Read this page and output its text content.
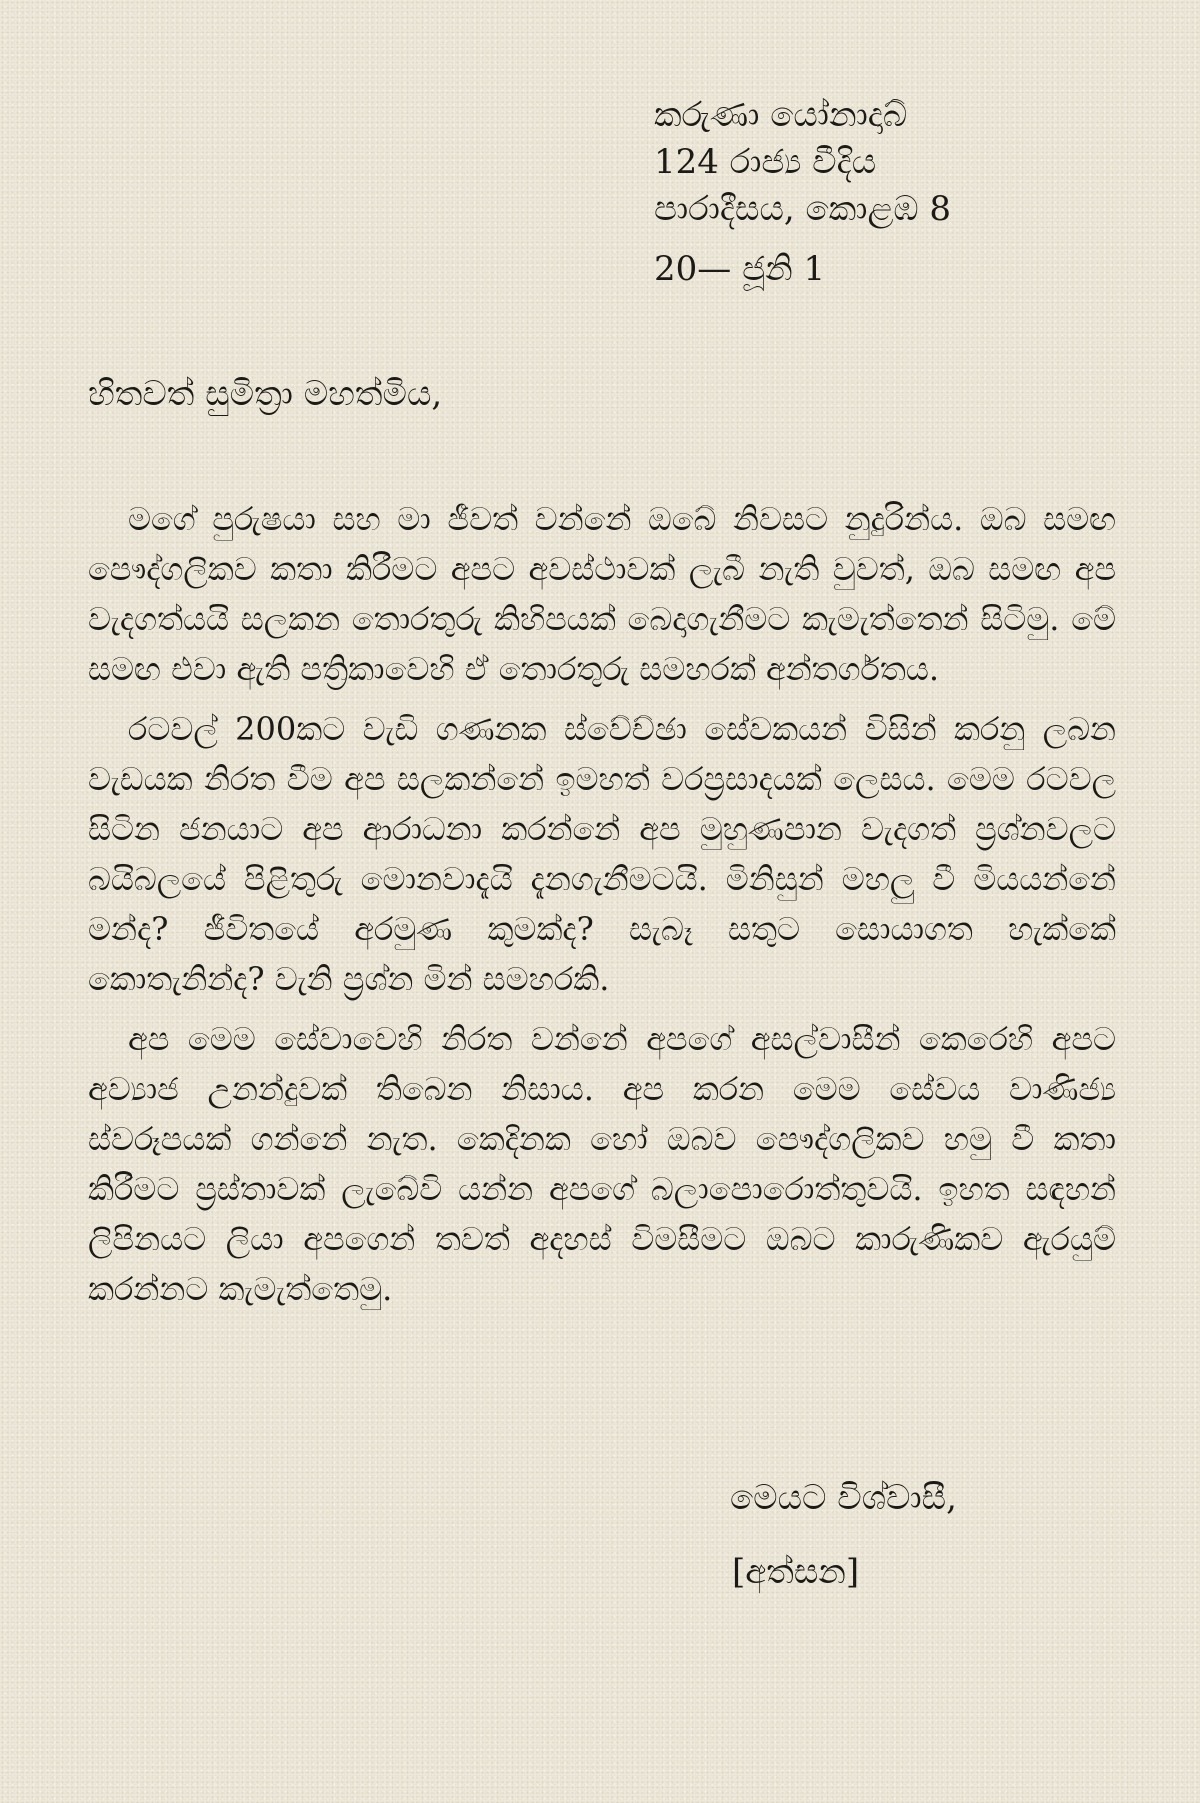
කරුණා යෝනාදාබ්
124 රාජ්‍ය වීදිය
පාරාදීසය, කොළඹ 8
20— ජූනි 1
හිතවත් සුමිත්‍රා මහත්මිය,

මගේ පුරුෂයා සහ මා ජීවත් වන්නේ ඔබේ නිවසට නුදුරින්ය. ඔබ සමඟ පෞද්ගලිකව කතා කිරීමට අපට අවස්ථාවක් ලැබී නැති වුවත්, ඔබ සමඟ අප වැදගත්යයි සලකන තොරතුරු කිහිපයක් බෙදාගැනීමට කැමැත්තෙන් සිටිමු. මේ සමඟ එවා ඇති පත්‍රිකාවෙහි ඒ තොරතුරු සමහරක් අන්තර්ගතය.

රටවල් 200කට වැඩි ගණනක ස්වේච්ඡා සේවකයන් විසින් කරනු ලබන වැඩයක නිරත වීම අප සලකන්නේ ඉමහත් වරප්‍රසාදයක් ලෙසය. මෙම රටවල සිටින ජනයාට අප ආරාධනා කරන්නේ අප මුහුණපාන වැදගත් ප්‍රශ්නවලට බයිබලයේ පිළිතුරු මොනවාදැයි දැනගැනීමටයි. මිනිසුන් මහලු වී මියයන්නේ මන්ද? ජීවිතයේ අරමුණ කුමක්ද? සැබෑ සතුට සොයාගත හැක්කේ කොතැනින්ද? වැනි ප්‍රශ්න මින් සමහරකි.

අප මෙම සේවාවෙහි නිරත වන්නේ අපගේ අසල්වාසීන් කෙරෙහි අපට අව්‍යාජ උනන්දුවක් තිබෙන නිසාය. අප කරන මෙම සේවය වාණිජ්‍ය ස්වරූපයක් ගන්නේ නැත. කෙදිනක හෝ ඔබව පෞද්ගලිකව හමු වී කතා කිරීමට ප්‍රස්තාවක් ලැබේවි යන්න අපගේ බලාපොරොත්තුවයි. ඉහත සඳහන් ලිපිනයට ලියා අපගෙන් තවත් අදහස් විමසීමට ඔබට කාරුණිකව ඇරයුම් කරන්නට කැමැත්තෙමු.

මෙයට විශ්වාසී,
[අත්සන]
